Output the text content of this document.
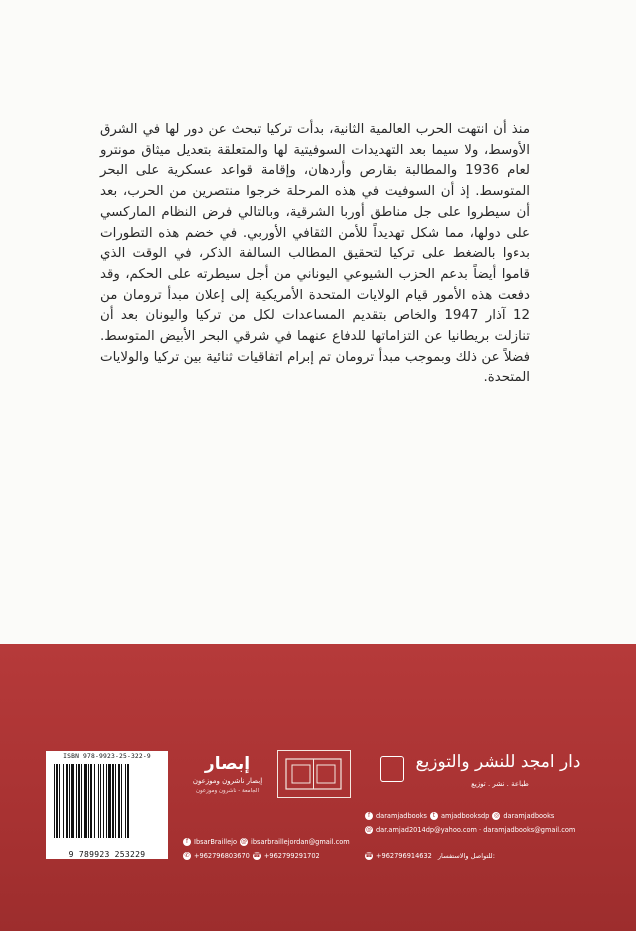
منذ أن انتهت الحرب العالمية الثانية، بدأت تركيا تبحث عن دور لها في الشرق الأوسط، ولا سيما بعد التهديدات السوفيتية لها والمتعلقة بتعديل ميثاق مونترو لعام 1936 والمطالبة بقارص وأردهان، وإقامة قواعد عسكرية على البحر المتوسط. إذ أن السوفيت في هذه المرحلة خرجوا منتصرين من الحرب، بعد أن سيطروا على جل مناطق أوربا الشرقية، وبالتالي فرض النظام الماركسي على دولها، مما شكل تهديداً للأمن الثقافي الأوربي. في خضم هذه التطورات بدءوا بالضغط على تركيا لتحقيق المطالب السالفة الذكر، في الوقت الذي قاموا أيضاً بدعم الحزب الشيوعي اليوناني من أجل سيطرته على الحكم، وقد دفعت هذه الأمور قيام الولايات المتحدة الأمريكية إلى إعلان مبدأ ترومان من 12 آذار 1947 والخاص بتقديم المساعدات لكل من تركيا واليونان بعد أن تنازلت بريطانيا عن التزاماتها للدفاع عنهما في شرقي البحر الأبيض المتوسط. فضلاً عن ذلك وبموجب مبدأ ترومان تم إبرام اتفاقيات ثنائية بين تركيا والولايات المتحدة.

ISBN 978-9923-25-322-9
9 789923 253229
إبصار
إبصار ناشرون وموزعون
الجامعة - ناشرون وموزعون
f IbsarBraillejo @ ibsarbraillejordan@gmail.com
✆ +962796803670 ☎ +962799291702
دار امجد للنشر والتوزيع
طباعة . نشر . توزيع
f daramjadbooks t amjadbooksdp ◎ daramjadbooks
@ dar.amjad2014dp@yahoo.com · daramjadbooks@gmail.com
☎ +962796914632 للتواصل والاستفسار:
